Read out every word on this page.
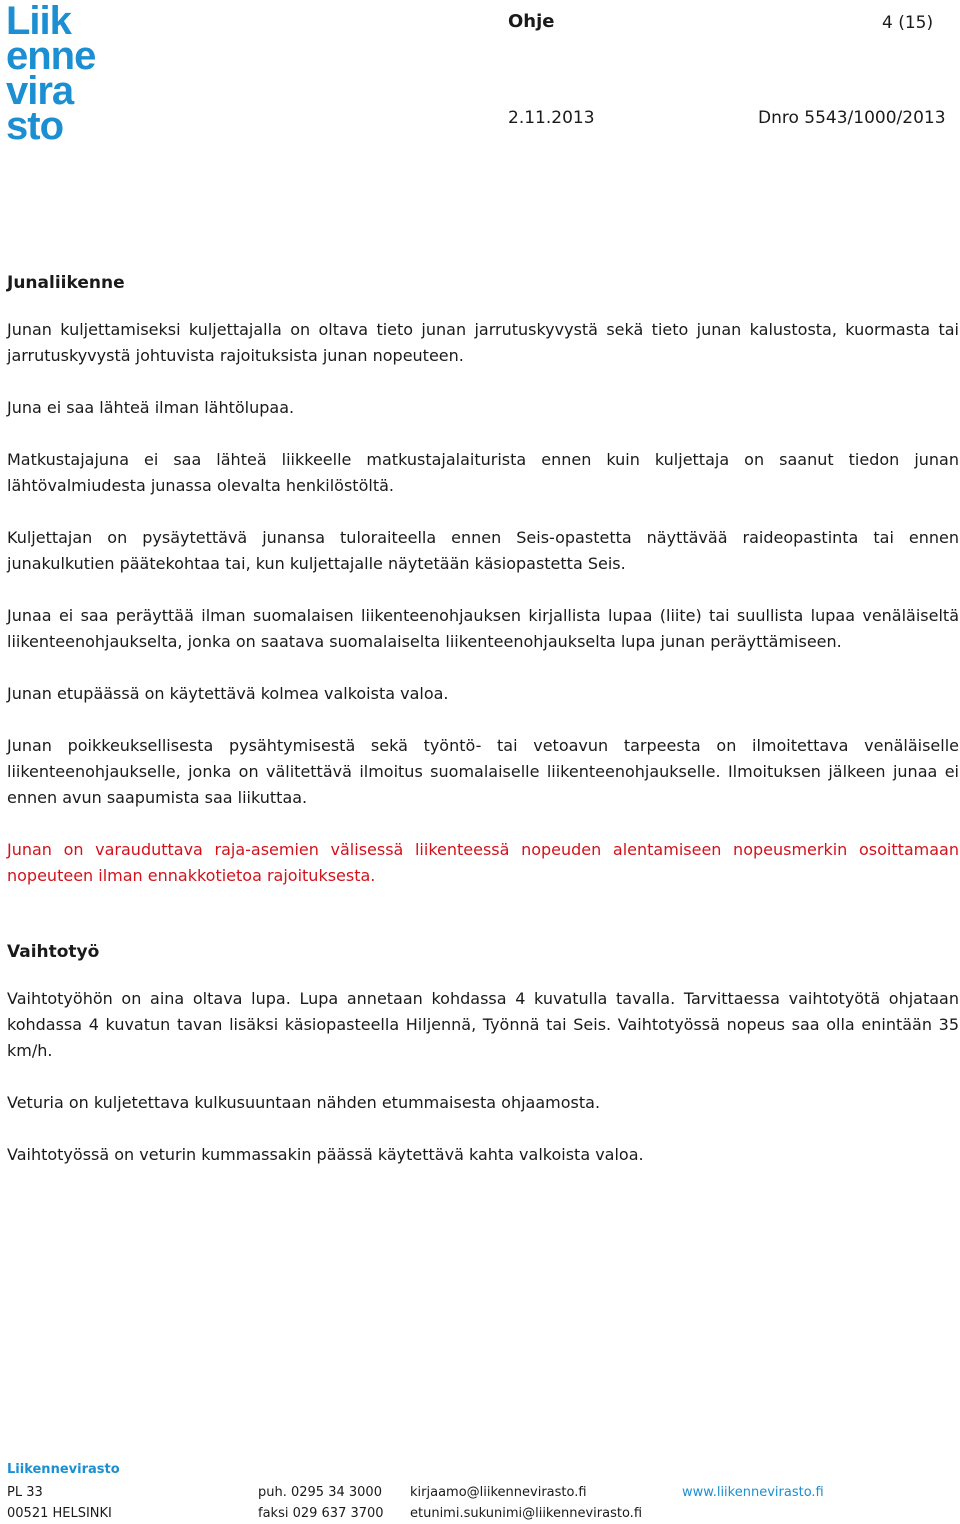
Liik
enne
vira
sto
Ohje	4 (15)
2.11.2013	Dnro 5543/1000/2013
Junaliikenne

Junan kuljettamiseksi kuljettajalla on oltava tieto junan jarrutuskyvystä sekä tieto junan kalustosta, kuormasta tai jarrutuskyvystä johtuvista rajoituksista junan nopeuteen.

Juna ei saa lähteä ilman lähtölupaa.

Matkustajajuna ei saa lähteä liikkeelle matkustajalaiturista ennen kuin kuljettaja on saanut tiedon junan lähtövalmiudesta junassa olevalta henkilöstöltä.

Kuljettajan on pysäytettävä junansa tuloraiteella ennen Seis-opastetta näyttävää raideopastinta tai ennen junakulkutien päätekohtaa tai, kun kuljettajalle näytetään käsiopastetta Seis.

Junaa ei saa peräyttää ilman suomalaisen liikenteenohjauksen kirjallista lupaa (liite) tai suullista lupaa venäläiseltä liikenteenohjaukselta, jonka on saatava suomalaiselta liikenteenohjaukselta lupa junan peräyttämiseen.

Junan etupäässä on käytettävä kolmea valkoista valoa.

Junan poikkeuksellisesta pysähtymisestä sekä työntö- tai vetoavun tarpeesta on ilmoitettava venäläiselle liikenteenohjaukselle, jonka on välitettävä ilmoitus suomalaiselle liikenteenohjaukselle. Ilmoituksen jälkeen junaa ei ennen avun saapumista saa liikuttaa.

Junan on varauduttava raja-asemien välisessä liikenteessä nopeuden alentamiseen nopeusmerkin osoittamaan nopeuteen ilman ennakkotietoa rajoituksesta.

Vaihtotyö

Vaihtotyöhön on aina oltava lupa. Lupa annetaan kohdassa 4 kuvatulla tavalla. Tarvittaessa vaihtotyötä ohjataan kohdassa 4 kuvatun tavan lisäksi käsiopasteella Hiljennä, Työnnä tai Seis. Vaihtotyössä nopeus saa olla enintään 35 km/h.

Veturia on kuljetettava kulkusuuntaan nähden etummaisesta ohjaamosta.

Vaihtotyössä on veturin kummassakin päässä käytettävä kahta valkoista valoa.

Liikennevirasto
PL 33	puh. 0295 34 3000 kirjaamo@liikennevirasto.fi	www.liikennevirasto.fi
00521 HELSINKI	faksi 029 637 3700 etunimi.sukunimi@liikennevirasto.fi
